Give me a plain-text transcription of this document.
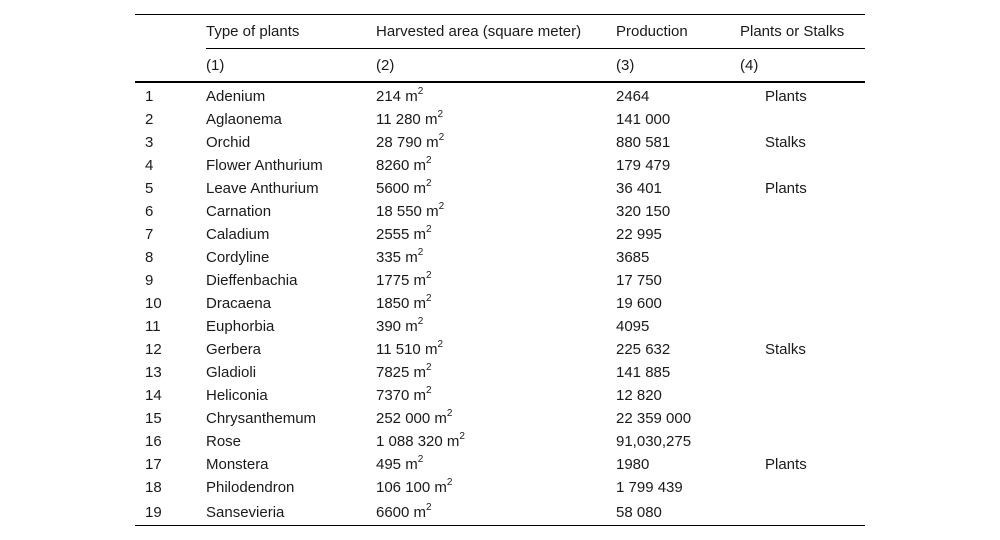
	Type of plants	Harvested area (square meter)	Production	Plants or Stalks
	(1)	(2)	(3)	(4)
1	Adenium	214 $m^2$	2464	Plants
2	Aglaonema	11 280 $m^2$	141 000	
3	Orchid	28 790 $m^2$	880 581	Stalks
4	Flower Anthurium	8260 $m^2$	179 479	
5	Leave Anthurium	5600 $m^2$	36 401	Plants
6	Carnation	18 550 $m^2$	320 150	
7	Caladium	2555 $m^2$	22 995	
8	Cordyline	335 $m^2$	3685	
9	Dieffenbachia	1775 $m^2$	17 750	
10	Dracaena	1850 $m^2$	19 600	
11	Euphorbia	390 $m^2$	4095	
12	Gerbera	11 510 $m^2$	225 632	Stalks
13	Gladioli	7825 $m^2$	141 885	
14	Heliconia	7370 $m^2$	12 820	
15	Chrysanthemum	252 000 $m^2$	22 359 000	
16	Rose	1 088 320 $m^2$	91,030,275	
17	Monstera	495 $m^2$	1980	Plants
18	Philodendron	106 100 $m^2$	1 799 439	
19	Sansevieria	6600 $m^2$	58 080	
